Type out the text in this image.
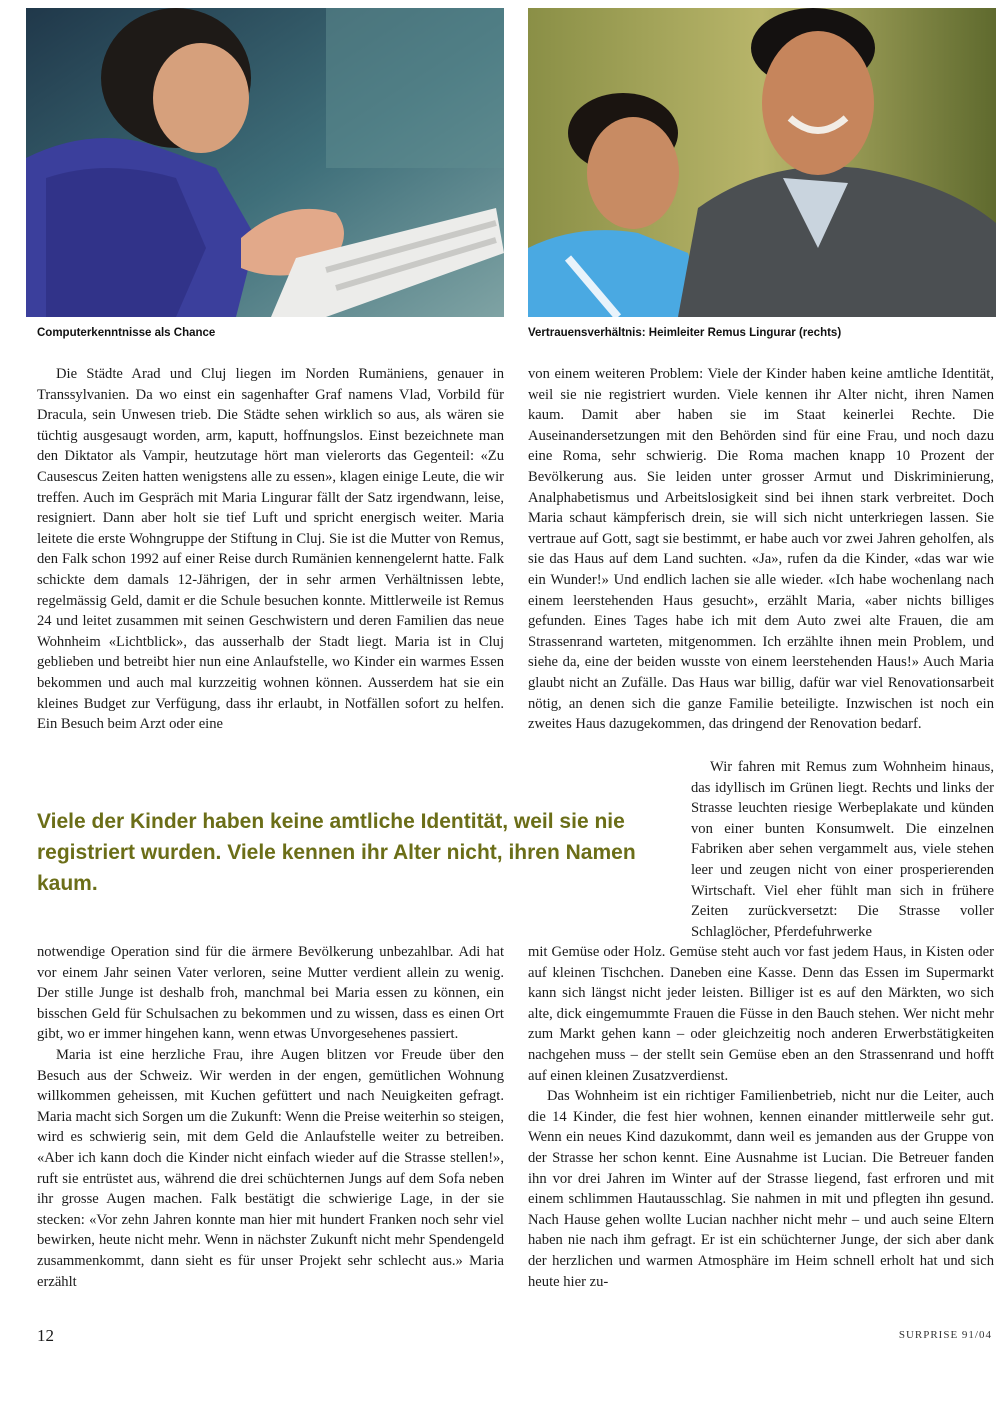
Computerkenntnisse als Chance	Vertrauensverhältnis: Heimleiter Remus Lingurar (rechts)

Die Städte Arad und Cluj liegen im Norden Rumäniens, genauer in Transsylvanien. Da wo einst ein sagenhafter Graf namens Vlad, Vorbild für Dracula, sein Unwesen trieb. Die Städte sehen wirklich so aus, als wären sie tüchtig ausgesaugt worden, arm, kaputt, hoffnungslos. Einst bezeichnete man den Diktator als Vampir, heutzutage hört man vielerorts das Gegenteil: «Zu Causescus Zeiten hatten wenigstens alle zu essen», klagen einige Leute, die wir treffen. Auch im Gespräch mit Maria Lingurar fällt der Satz irgendwann, leise, resigniert. Dann aber holt sie tief Luft und spricht energisch weiter. Maria leitete die erste Wohngruppe der Stiftung in Cluj. Sie ist die Mutter von Remus, den Falk schon 1992 auf einer Reise durch Rumänien kennengelernt hatte. Falk schickte dem damals 12-Jährigen, der in sehr armen Verhältnissen lebte, regelmässig Geld, damit er die Schule besuchen konnte. Mittlerweile ist Remus 24 und leitet zusammen mit seinen Geschwistern und deren Familien das neue Wohnheim «Lichtblick», das ausserhalb der Stadt liegt. Maria ist in Cluj geblieben und betreibt hier nun eine Anlaufstelle, wo Kinder ein warmes Essen bekommen und auch mal kurzzeitig wohnen können. Ausserdem hat sie ein kleines Budget zur Verfügung, dass ihr erlaubt, in Notfällen sofort zu helfen. Ein Besuch beim Arzt oder eine

von einem weiteren Problem: Viele der Kinder haben keine amtliche Identität, weil sie nie registriert wurden. Viele kennen ihr Alter nicht, ihren Namen kaum. Damit aber haben sie im Staat keinerlei Rechte. Die Auseinandersetzungen mit den Behörden sind für eine Frau, und noch dazu eine Roma, sehr schwierig. Die Roma machen knapp 10 Prozent der Bevölkerung aus. Sie leiden unter grosser Armut und Diskriminierung, Analphabetismus und Arbeitslosigkeit sind bei ihnen stark verbreitet. Doch Maria schaut kämpferisch drein, sie will sich nicht unterkriegen lassen. Sie vertraue auf Gott, sagt sie bestimmt, er habe auch vor zwei Jahren geholfen, als sie das Haus auf dem Land suchten. «Ja», rufen da die Kinder, «das war wie ein Wunder!» Und endlich lachen sie alle wieder. «Ich habe wochenlang nach einem leerstehenden Haus gesucht», erzählt Maria, «aber nichts billiges gefunden. Eines Tages habe ich mit dem Auto zwei alte Frauen, die am Strassenrand warteten, mitgenommen. Ich erzählte ihnen mein Problem, und siehe da, eine der beiden wusste von einem leerstehenden Haus!» Auch Maria glaubt nicht an Zufälle. Das Haus war billig, dafür war viel Renovationsarbeit nötig, an denen sich die ganze Familie beteiligte. Inzwischen ist noch ein zweites Haus dazugekommen, das dringend der Renovation bedarf.

Viele der Kinder haben keine amtliche Identität, weil sie nie registriert wurden. Viele kennen ihr Alter nicht, ihren Namen kaum.

Wir fahren mit Remus zum Wohnheim hinaus, das idyllisch im Grünen liegt. Rechts und links der Strasse leuchten riesige Werbeplakate und künden von einer bunten Konsumwelt. Die einzelnen Fabriken aber sehen vergammelt aus, viele stehen leer und zeugen nicht von einer prosperierenden Wirtschaft. Viel eher fühlt man sich in frühere Zeiten zurückversetzt: Die Strasse voller Schlaglöcher, Pferdefuhrwerke

notwendige Operation sind für die ärmere Bevölkerung unbezahlbar. Adi hat vor einem Jahr seinen Vater verloren, seine Mutter verdient allein zu wenig. Der stille Junge ist deshalb froh, manchmal bei Maria essen zu können, ein bisschen Geld für Schulsachen zu bekommen und zu wissen, dass es einen Ort gibt, wo er immer hingehen kann, wenn etwas Unvorgesehenes passiert.

Maria ist eine herzliche Frau, ihre Augen blitzen vor Freude über den Besuch aus der Schweiz. Wir werden in der engen, gemütlichen Wohnung willkommen geheissen, mit Kuchen gefüttert und nach Neuigkeiten gefragt. Maria macht sich Sorgen um die Zukunft: Wenn die Preise weiterhin so steigen, wird es schwierig sein, mit dem Geld die Anlaufstelle weiter zu betreiben. «Aber ich kann doch die Kinder nicht einfach wieder auf die Strasse stellen!», ruft sie entrüstet aus, während die drei schüchternen Jungs auf dem Sofa neben ihr grosse Augen machen. Falk bestätigt die schwierige Lage, in der sie stecken: «Vor zehn Jahren konnte man hier mit hundert Franken noch sehr viel bewirken, heute nicht mehr. Wenn in nächster Zukunft nicht mehr Spendengeld zusammenkommt, dann sieht es für unser Projekt sehr schlecht aus.» Maria erzählt

mit Gemüse oder Holz. Gemüse steht auch vor fast jedem Haus, in Kisten oder auf kleinen Tischchen. Daneben eine Kasse. Denn das Essen im Supermarkt kann sich längst nicht jeder leisten. Billiger ist es auf den Märkten, wo sich alte, dick eingemummte Frauen die Füsse in den Bauch stehen. Wer nicht mehr zum Markt gehen kann – oder gleichzeitig noch anderen Erwerbstätigkeiten nachgehen muss – der stellt sein Gemüse eben an den Strassenrand und hofft auf einen kleinen Zusatzverdienst.

Das Wohnheim ist ein richtiger Familienbetrieb, nicht nur die Leiter, auch die 14 Kinder, die fest hier wohnen, kennen einander mittlerweile sehr gut. Wenn ein neues Kind dazukommt, dann weil es jemanden aus der Gruppe von der Strasse her schon kennt. Eine Ausnahme ist Lucian. Die Betreuer fanden ihn vor drei Jahren im Winter auf der Strasse liegend, fast erfroren und mit einem schlimmen Hautausschlag. Sie nahmen in mit und pflegten ihn gesund. Nach Hause gehen wollte Lucian nachher nicht mehr – und auch seine Eltern haben nie nach ihm gefragt. Er ist ein schüchterner Junge, der sich aber dank der herzlichen und warmen Atmosphäre im Heim schnell erholt hat und sich heute hier zu-

12	SURPRISE 91/04
